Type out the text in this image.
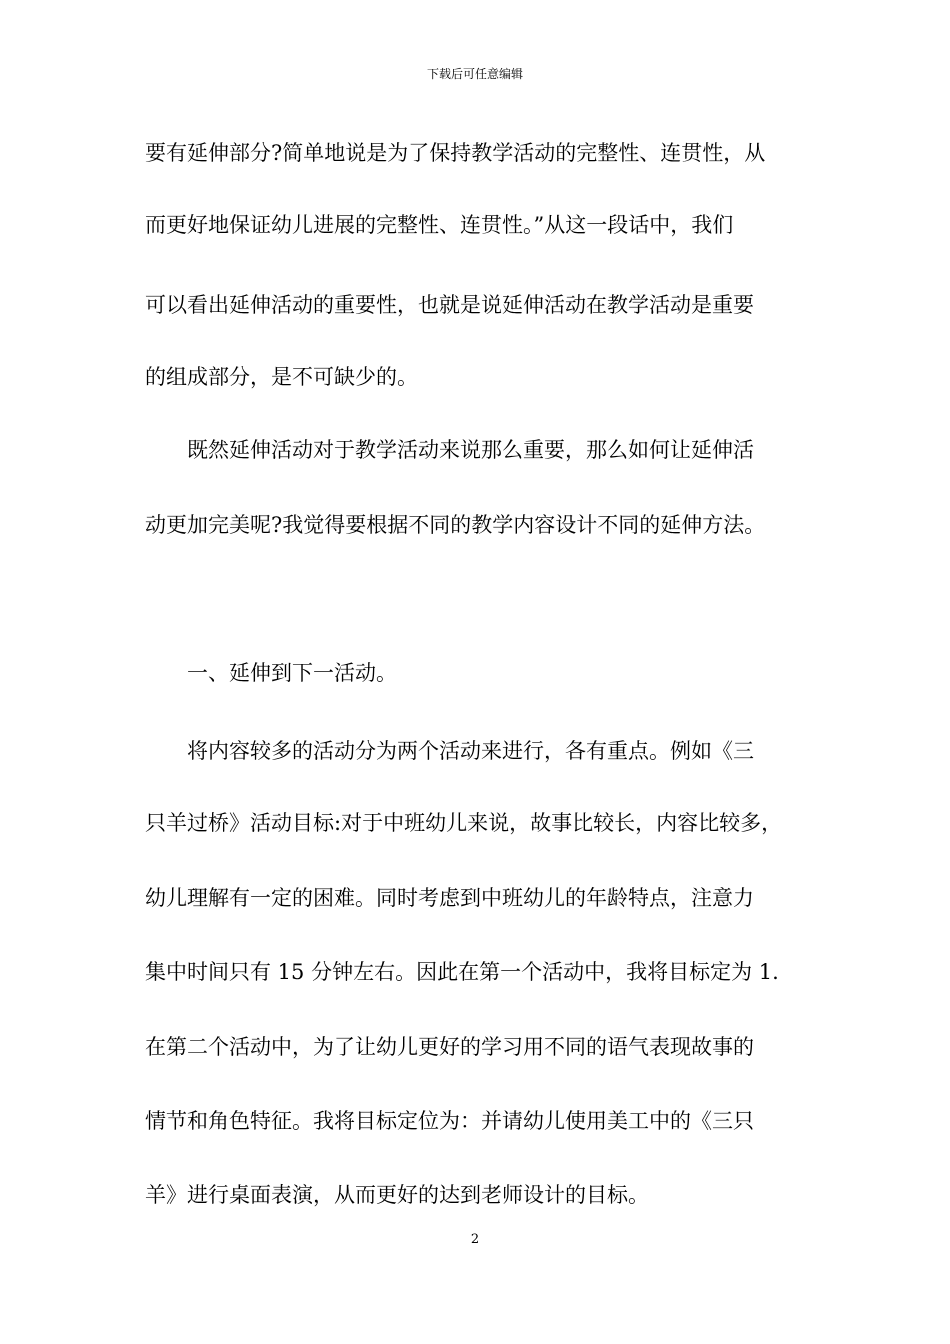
下载后可任意编辑
要有延伸部分?简单地说是为了保持教学活动的完整性、连贯性，从
而更好地保证幼儿进展的完整性、连贯性。”从这一段话中，我们
可以看出延伸活动的重要性，也就是说延伸活动在教学活动是重要
的组成部分，是不可缺少的。
　　既然延伸活动对于教学活动来说那么重要，那么如何让延伸活
动更加完美呢?我觉得要根据不同的教学内容设计不同的延伸方法。
　　一、延伸到下一活动。
　　将内容较多的活动分为两个活动来进行，各有重点。例如《三
只羊过桥》活动目标:对于中班幼儿来说，故事比较长，内容比较多，
幼儿理解有一定的困难。同时考虑到中班幼儿的年龄特点，注意力
集中时间只有 15 分钟左右。因此在第一个活动中，我将目标定为 1.
在第二个活动中，为了让幼儿更好的学习用不同的语气表现故事的
情节和角色特征。我将目标定位为：并请幼儿使用美工中的《三只
羊》进行桌面表演，从而更好的达到老师设计的目标。
2
